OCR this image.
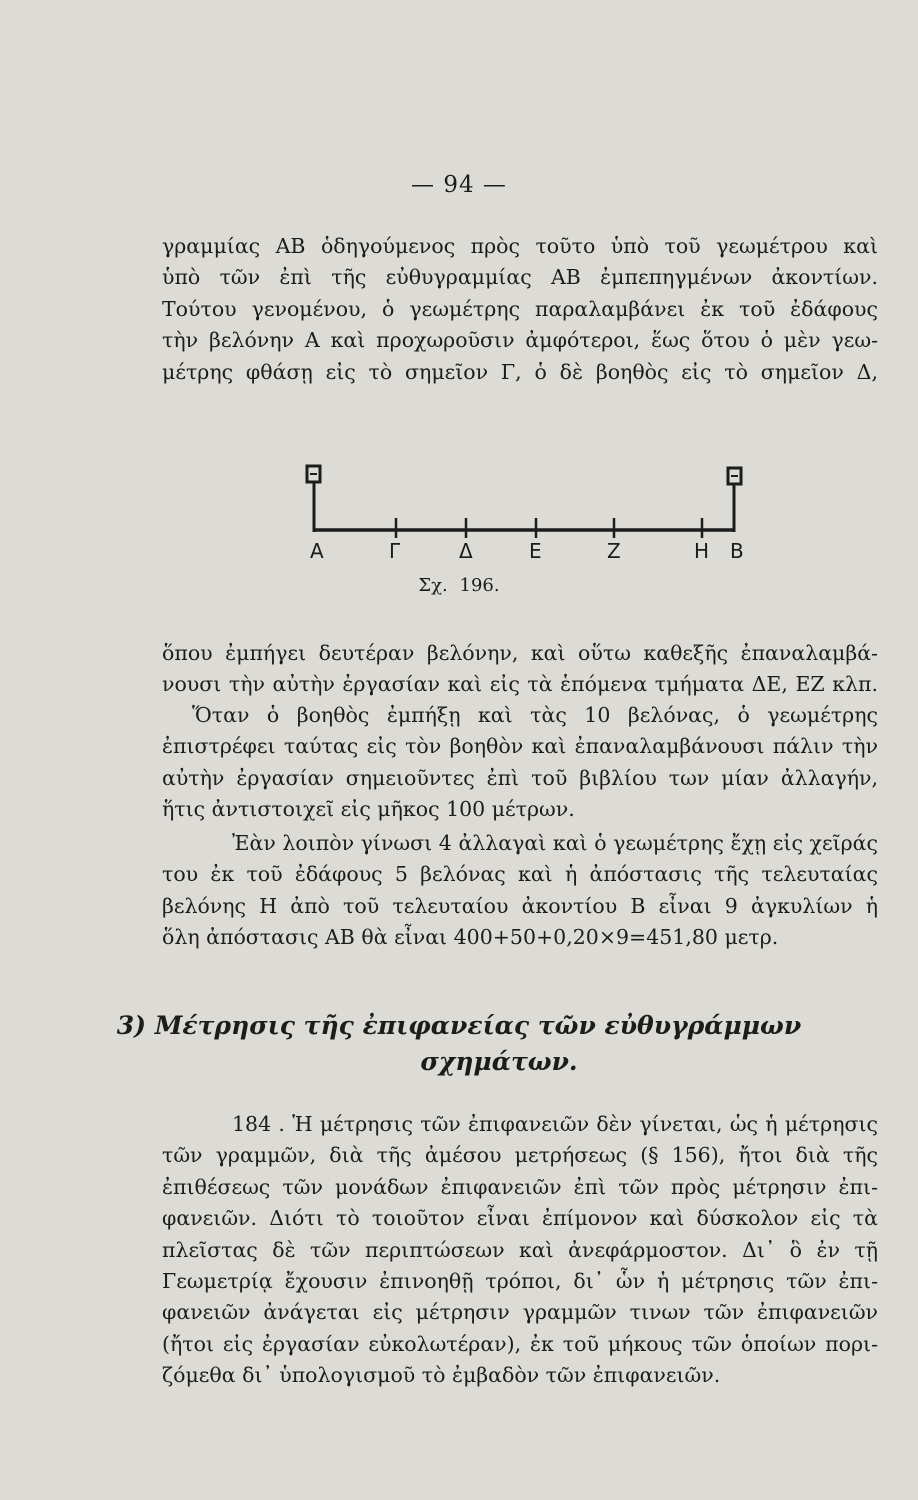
— 94 —
γραμμίας ΑΒ ὁδηγούμενος πρὸς τοῦτο ὑπὸ τοῦ γεωμέτρου καὶ
ὑπὸ τῶν ἐπὶ τῆς εὐθυγραμμίας ΑΒ ἐμπεπηγμένων ἀκοντίων.
Τούτου γενομένου, ὁ γεωμέτρης παραλαμβάνει ἐκ τοῦ ἐδάφους
τὴν βελόνην Α καὶ προχωροῦσιν ἀμφότεροι, ἕως ὅτου ὁ μὲν γεω-
μέτρης φθάσῃ εἰς τὸ σημεῖον Γ, ὁ δὲ βοηθὸς εἰς τὸ σημεῖον Δ,
Α	Γ	Δ	Ε	Ζ	Η Β
Σχ. 196.
ὅπου ἐμπήγει δευτέραν βελόνην, καὶ οὕτω καθεξῆς ἐπαναλαμβά-
νουσι τὴν αὐτὴν ἐργασίαν καὶ εἰς τὰ ἑπόμενα τμήματα ΔΕ, ΕΖ κλπ.
Ὅταν ὁ βοηθὸς ἐμπήξῃ καὶ τὰς 10 βελόνας, ὁ γεωμέτρης ἐπιστρέφει ταύτας εἰς τὸν βοηθὸν καὶ ἐπαναλαμβάνουσι πάλιν τὴν αὐτὴν ἐργασίαν σημειοῦντες ἐπὶ τοῦ βιβλίου των μίαν ἀλλαγήν, ἥτις ἀντιστοιχεῖ εἰς μῆκος 100 μέτρων.
Ἐὰν λοιπὸν γίνωσι 4 ἀλλαγαὶ καὶ ὁ γεωμέτρης ἔχῃ εἰς χεῖράς
του ἐκ τοῦ ἐδάφους 5 βελόνας καὶ ἡ ἀπόστασις τῆς τελευταίας
βελόνης Η ἀπὸ τοῦ τελευταίου ἀκοντίου Β εἶναι 9 ἀγκυλίων ἡ
ὅλη ἀπόστασις ΑΒ θὰ εἶναι 400+50+0,20×9=451,80 μετρ.
3) Μέτρησις τῆς ἐπιφανείας τῶν εὐθυγράμμων
σχημάτων.
184 . Ἡ μέτρησις τῶν ἐπιφανειῶν δὲν γίνεται, ὡς ἡ μέτρησις
τῶν γραμμῶν, διὰ τῆς ἀμέσου μετρήσεως (§ 156), ἤτοι διὰ τῆς
ἐπιθέσεως τῶν μονάδων ἐπιφανειῶν ἐπὶ τῶν πρὸς μέτρησιν ἐπι-
φανειῶν. Διότι τὸ τοιοῦτον εἶναι ἐπίμονον καὶ δύσκολον εἰς τὰ
πλεῖστας δὲ τῶν περιπτώσεων καὶ ἀνεφάρμοστον. Δι᾽ ὃ ἐν τῇ
Γεωμετρίᾳ ἔχουσιν ἐπινοηθῇ τρόποι, δι᾽ ὧν ἡ μέτρησις τῶν ἐπι-
φανειῶν ἀνάγεται εἰς μέτρησιν γραμμῶν τινων τῶν ἐπιφανειῶν
(ἤτοι εἰς ἐργασίαν εὐκολωτέραν), ἐκ τοῦ μήκους τῶν ὁποίων πορι-
ζόμεθα δι᾽ ὑπολογισμοῦ τὸ ἐμβαδὸν τῶν ἐπιφανειῶν.
